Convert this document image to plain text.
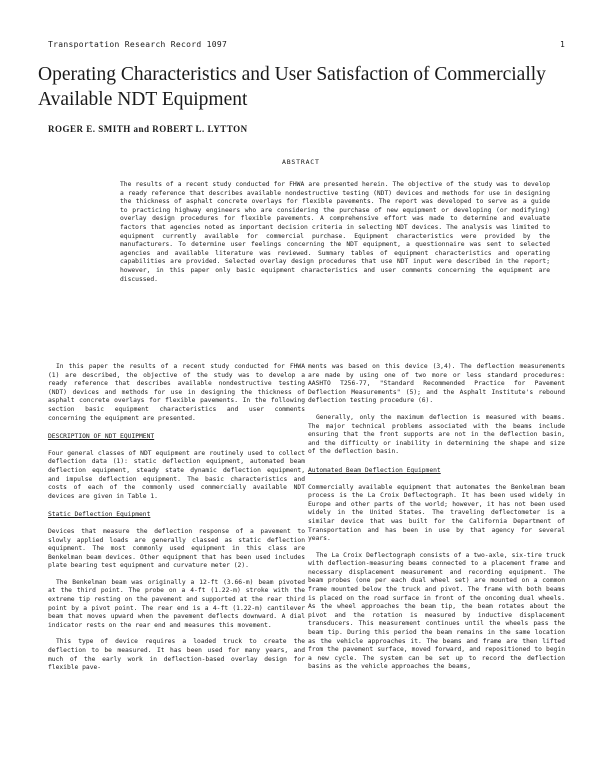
Transportation Research Record 1097	1
Operating Characteristics and User Satisfaction of Commercially Available NDT Equipment
ROGER E. SMITH and ROBERT L. LYTTON
ABSTRACT

The results of a recent study conducted for FHWA are presented herein. The objective of the study was to develop a ready reference that describes available nondestructive testing (NDT) devices and methods for use in designing the thickness of asphalt concrete overlays for flexible pavements. The report was developed to serve as a guide to practicing highway engineers who are considering the purchase of new equipment or developing (or modifying) overlay design procedures for flexible pavements. A comprehensive effort was made to determine and evaluate factors that agencies noted as important decision criteria in selecting NDT devices. The analysis was limited to equipment currently available for commercial purchase. Equipment characteristics were provided by the manufacturers. To determine user feelings concerning the NDT equipment, a questionnaire was sent to selected agencies and available literature was reviewed. Summary tables of equipment characteristics and operating capabilities are provided. Selected overlay design procedures that use NDT input were described in the report; however, in this paper only basic equipment characteristics and user comments concerning the equipment are discussed.

In this paper the results of a recent study conducted for FHWA (1) are described, the objective of the study was to develop a ready reference that describes available nondestructive testing (NDT) devices and methods for use in designing the thickness of asphalt concrete overlays for flexible pavements. In the following section basic equipment characteristics and user comments concerning the equipment are presented.

DESCRIPTION OF NDT EQUIPMENT

Four general classes of NDT equipment are routinely used to collect deflection data (1): static deflection equipment, automated beam deflection equipment, steady state dynamic deflection equipment, and impulse deflection equipment. The basic characteristics and costs of each of the commonly used commercially available NDT devices are given in Table 1.

Static Deflection Equipment

Devices that measure the deflection response of a pavement to slowly applied loads are generally classed as static deflection equipment. The most commonly used equipment in this class are Benkelman beam devices. Other equipment that has been used includes plate bearing test equipment and curvature meter (2).

The Benkelman beam was originally a 12-ft (3.66-m) beam pivoted at the third point. The probe on a 4-ft (1.22-m) stroke with the extreme tip resting on the pavement and supported at the rear third point by a pivot point. The rear end is a 4-ft (1.22-m) cantilever beam that moves upward when the pavement deflects downward. A dial indicator rests on the rear end and measures this movement.

This type of device requires a loaded truck to create the deflection to be measured. It has been used for many years, and much of the early work in deflection-based overlay design for flexible pave-

ments was based on this device (3,4). The deflection measurements are made by using one of two more or less standard procedures: AASHTO T256-77, "Standard Recommended Practice for Pavement Deflection Measurements" (5); and the Asphalt Institute's rebound deflection testing procedure (6).

Generally, only the maximum deflection is measured with beams. The major technical problems associated with the beams include ensuring that the front supports are not in the deflection basin, and the difficulty or inability in determining the shape and size of the deflection basin.

Automated Beam Deflection Equipment

Commercially available equipment that automates the Benkelman beam process is the La Croix Deflectograph. It has been used widely in Europe and other parts of the world; however, it has not been used widely in the United States. The traveling deflectometer is a similar device that was built for the California Department of Transportation and has been in use by that agency for several years.

The La Croix Deflectograph consists of a two-axle, six-tire truck with deflection-measuring beams connected to a placement frame and necessary displacement measurement and recording equipment. The beam probes (one per each dual wheel set) are mounted on a common frame mounted below the truck and pivot. The frame with both beams is placed on the road surface in front of the oncoming dual wheels. As the wheel approaches the beam tip, the beam rotates about the pivot and the rotation is measured by inductive displacement transducers. This measurement continues until the wheels pass the beam tip. During this period the beam remains in the same location as the vehicle approaches it. The beams and frame are then lifted from the pavement surface, moved forward, and repositioned to begin a new cycle. The system can be set up to record the deflection basins as the vehicle approaches the beams,
